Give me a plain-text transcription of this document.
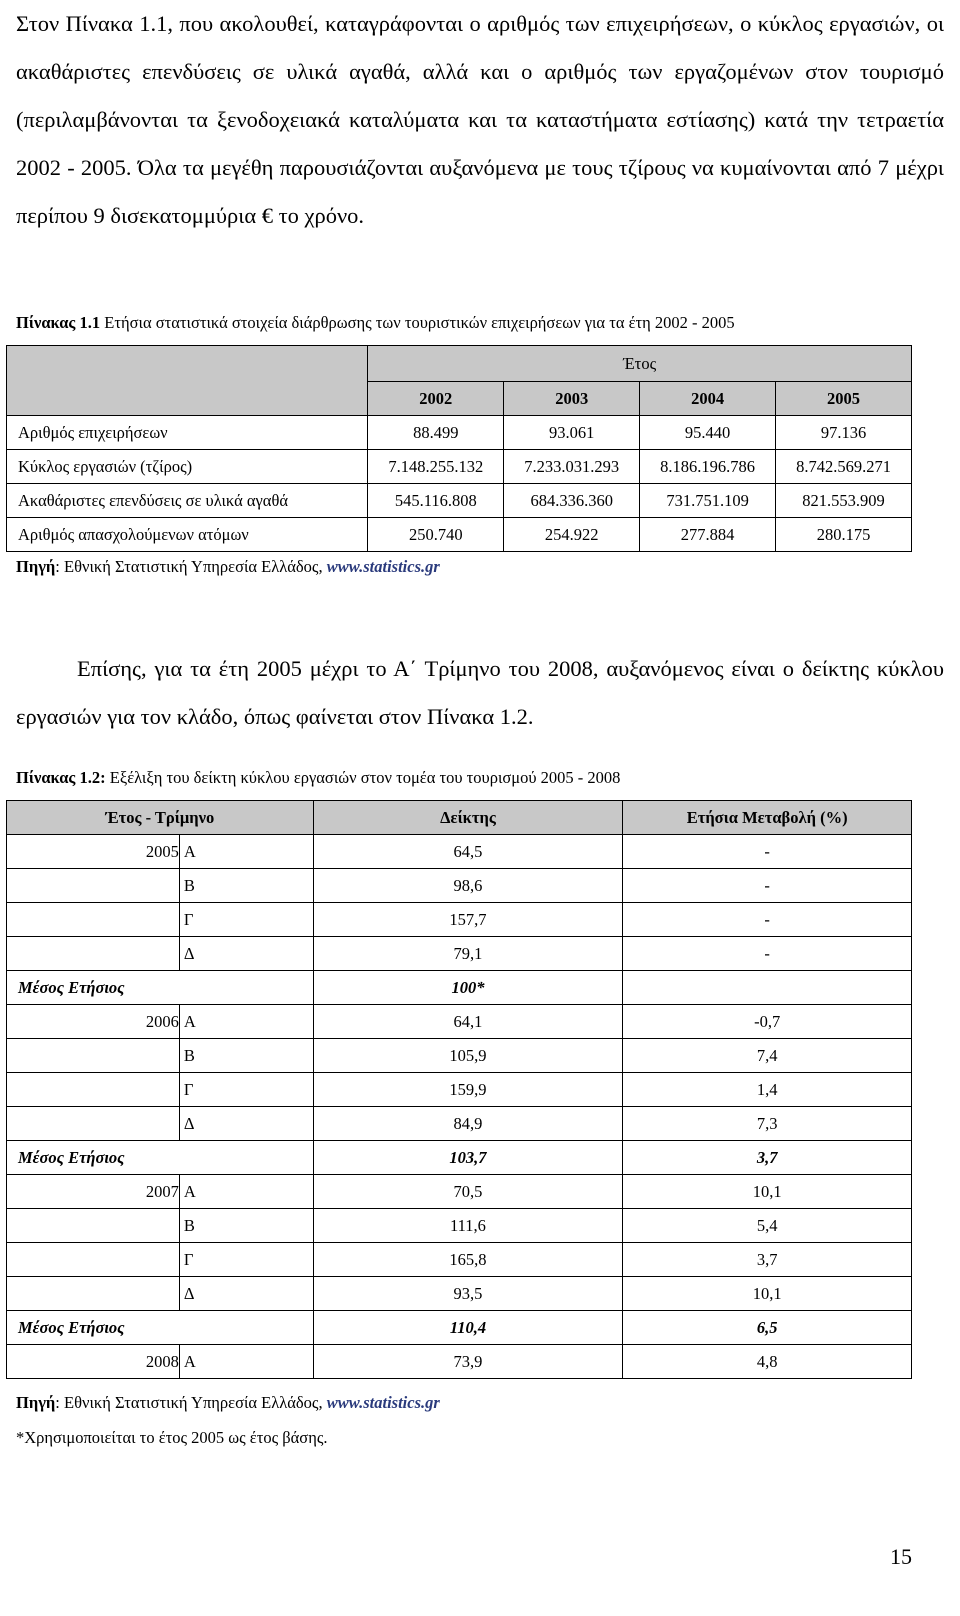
Στον Πίνακα 1.1, που ακολουθεί, καταγράφονται ο αριθμός των επιχειρήσεων, ο κύκλος εργασιών, οι ακαθάριστες επενδύσεις σε υλικά αγαθά, αλλά και ο αριθμός των εργαζομένων στον τουρισμό (περιλαμβάνονται τα ξενοδοχειακά καταλύματα και τα καταστήματα εστίασης) κατά την τετραετία 2002 - 2005. Όλα τα μεγέθη παρουσιάζονται αυξανόμενα με τους τζίρους να κυμαίνονται από 7 μέχρι περίπου 9 δισεκατομμύρια € το χρόνο.

Πίνακας 1.1 Ετήσια στατιστικά στοιχεία διάρθρωσης των τουριστικών επιχειρήσεων για τα έτη 2002 - 2005

	Έτος			
	2002	2003	2004	2005
Αριθμός επιχειρήσεων	88.499	93.061	95.440	97.136
Κύκλος εργασιών (τζίρος)	7.148.255.132	7.233.031.293	8.186.196.786	8.742.569.271
Ακαθάριστες επενδύσεις σε υλικά αγαθά	545.116.808	684.336.360	731.751.109	821.553.909
Αριθμός απασχολούμενων ατόμων	250.740	254.922	277.884	280.175

Πηγή: Εθνική Στατιστική Υπηρεσία Ελλάδος, www.statistics.gr

Επίσης, για τα έτη 2005 μέχρι το Α΄ Τρίμηνο του 2008, αυξανόμενος είναι ο δείκτης κύκλου εργασιών για τον κλάδο, όπως φαίνεται στον Πίνακα 1.2.

Πίνακας 1.2: Εξέλιξη του δείκτη κύκλου εργασιών στον τομέα του τουρισμού 2005 - 2008

Έτος - Τρίμηνο		Δείκτης	Ετήσια Μεταβολή (%)
2005	Α	64,5	-
	Β	98,6	-
	Γ	157,7	-
	Δ	79,1	-
Μέσος Ετήσιος		100*	
2006	Α	64,1	-0,7
	Β	105,9	7,4
	Γ	159,9	1,4
	Δ	84,9	7,3
Μέσος Ετήσιος		103,7	3,7
2007	Α	70,5	10,1
	Β	111,6	5,4
	Γ	165,8	3,7
	Δ	93,5	10,1
Μέσος Ετήσιος		110,4	6,5
2008	Α	73,9	4,8

Πηγή: Εθνική Στατιστική Υπηρεσία Ελλάδος, www.statistics.gr

*Χρησιμοποιείται το έτος 2005 ως έτος βάσης.

15
